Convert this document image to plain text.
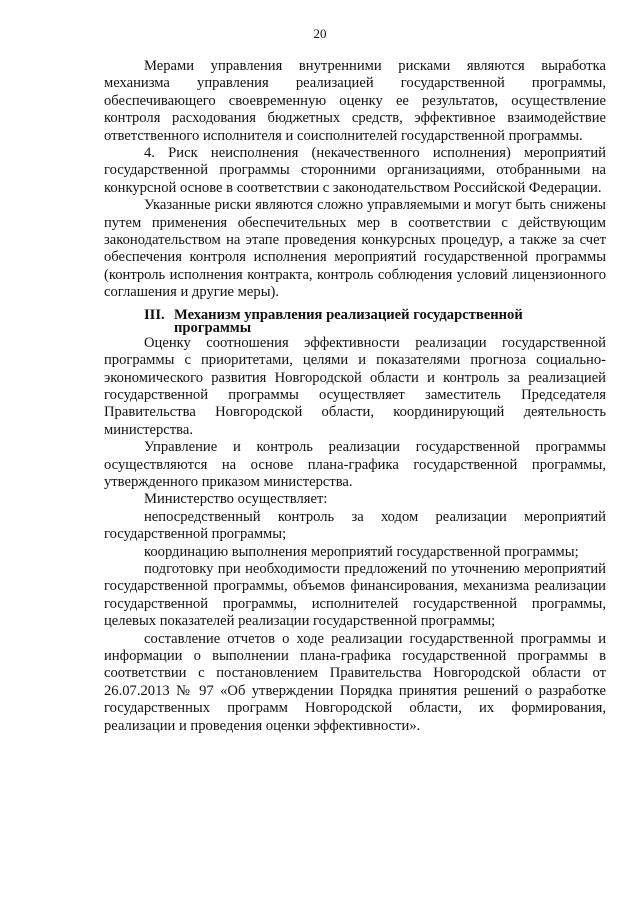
20

Мерами управления внутренними рисками являются выработка механизма управления реализацией государственной программы, обеспечивающего своевременную оценку ее результатов, осуществление контроля расходования бюджетных средств, эффективное взаимодействие ответственного исполнителя и соисполнителей государственной программы.

4. Риск неисполнения (некачественного исполнения) мероприятий государственной программы сторонними организациями, отобранными на конкурсной основе в соответствии с законодательством Российской Федерации.

Указанные риски являются сложно управляемыми и могут быть снижены путем применения обеспечительных мер в соответствии с действующим законодательством на этапе проведения конкурсных процедур, а также за счет обеспечения контроля исполнения мероприятий государственной программы (контроль исполнения контракта, контроль соблюдения условий лицензионного соглашения и другие меры).

III. Механизм управления реализацией государственной
программы

Оценку соотношения эффективности реализации государственной программы с приоритетами, целями и показателями прогноза социально-экономического развития Новгородской области и контроль за реализацией государственной программы осуществляет заместитель Председателя Правительства Новгородской области, координирующий деятельность министерства.

Управление и контроль реализации государственной программы осуществляются на основе плана-графика государственной программы, утвержденного приказом министерства.

Министерство осуществляет:

непосредственный контроль за ходом реализации мероприятий государственной программы;

координацию выполнения мероприятий государственной программы;

подготовку при необходимости предложений по уточнению мероприятий государственной программы, объемов финансирования, механизма реализации государственной программы, исполнителей государственной программы, целевых показателей реализации государственной программы;

составление отчетов о ходе реализации государственной программы и информации о выполнении плана-графика государственной программы в соответствии с постановлением Правительства Новгородской области от 26.07.2013 № 97 «Об утверждении Порядка принятия решений о разработке государственных программ Новгородской области, их формирования, реализации и проведения оценки эффективности».
